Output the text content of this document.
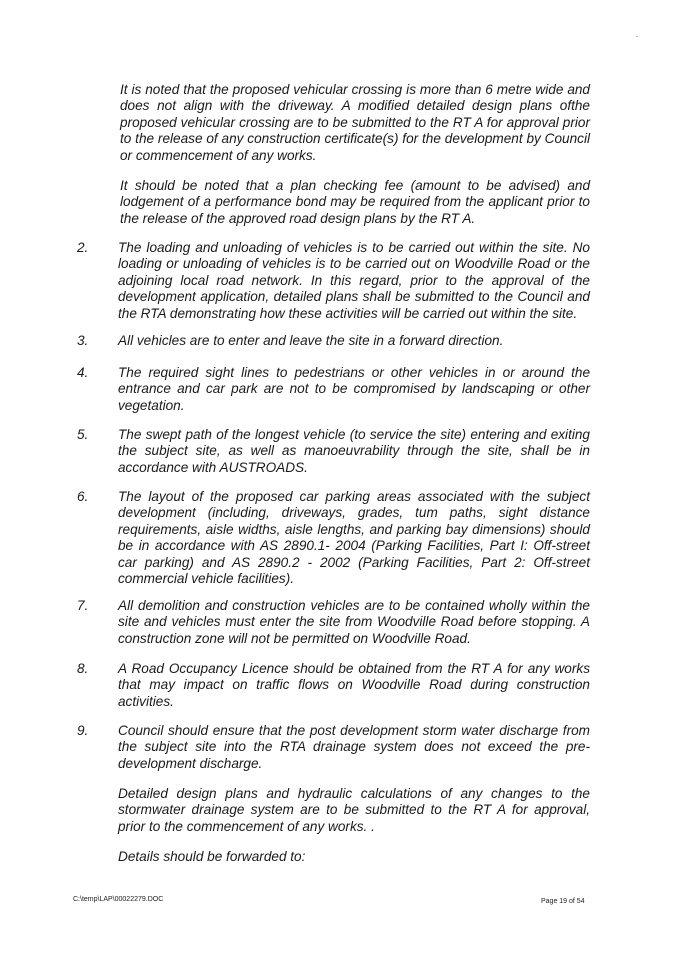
It is noted that the proposed vehicular crossing is more than 6 metre wide and does not align with the driveway. A modified detailed design plans ofthe proposed vehicular crossing are to be submitted to the RT A for approval prior to the release of any construction certificate(s) for the development by Council or commencement of any works.

It should be noted that a plan checking fee (amount to be advised) and lodgement of a performance bond may be required from the applicant prior to the release of the approved road design plans by the RT A.

2. The loading and unloading of vehicles is to be carried out within the site. No loading or unloading of vehicles is to be carried out on Woodville Road or the adjoining local road network. In this regard, prior to the approval of the development application, detailed plans shall be submitted to the Council and the RTA demonstrating how these activities will be carried out within the site.

3. All vehicles are to enter and leave the site in a forward direction.

4. The required sight lines to pedestrians or other vehicles in or around the entrance and car park are not to be compromised by landscaping or other vegetation.

5. The swept path of the longest vehicle (to service the site) entering and exiting the subject site, as well as manoeuvrability through the site, shall be in accordance with AUSTROADS.

6. The layout of the proposed car parking areas associated with the subject development (including, driveways, grades, tum paths, sight distance requirements, aisle widths, aisle lengths, and parking bay dimensions) should be in accordance with AS 2890.1- 2004 (Parking Facilities, Part I: Off-street car parking) and AS 2890.2 - 2002 (Parking Facilities, Part 2: Off-street commercial vehicle facilities).

7. All demolition and construction vehicles are to be contained wholly within the site and vehicles must enter the site from Woodville Road before stopping. A construction zone will not be permitted on Woodville Road.

8. A Road Occupancy Licence should be obtained from the RT A for any works that may impact on traffic flows on Woodville Road during construction activities.

9. Council should ensure that the post development storm water discharge from the subject site into the RTA drainage system does not exceed the pre-development discharge.

Detailed design plans and hydraulic calculations of any changes to the stormwater drainage system are to be submitted to the RT A for approval, prior to the commencement of any works. .

Details should be forwarded to:

C:\temp\LAP\00022279.DOC	Page 19 of 54
